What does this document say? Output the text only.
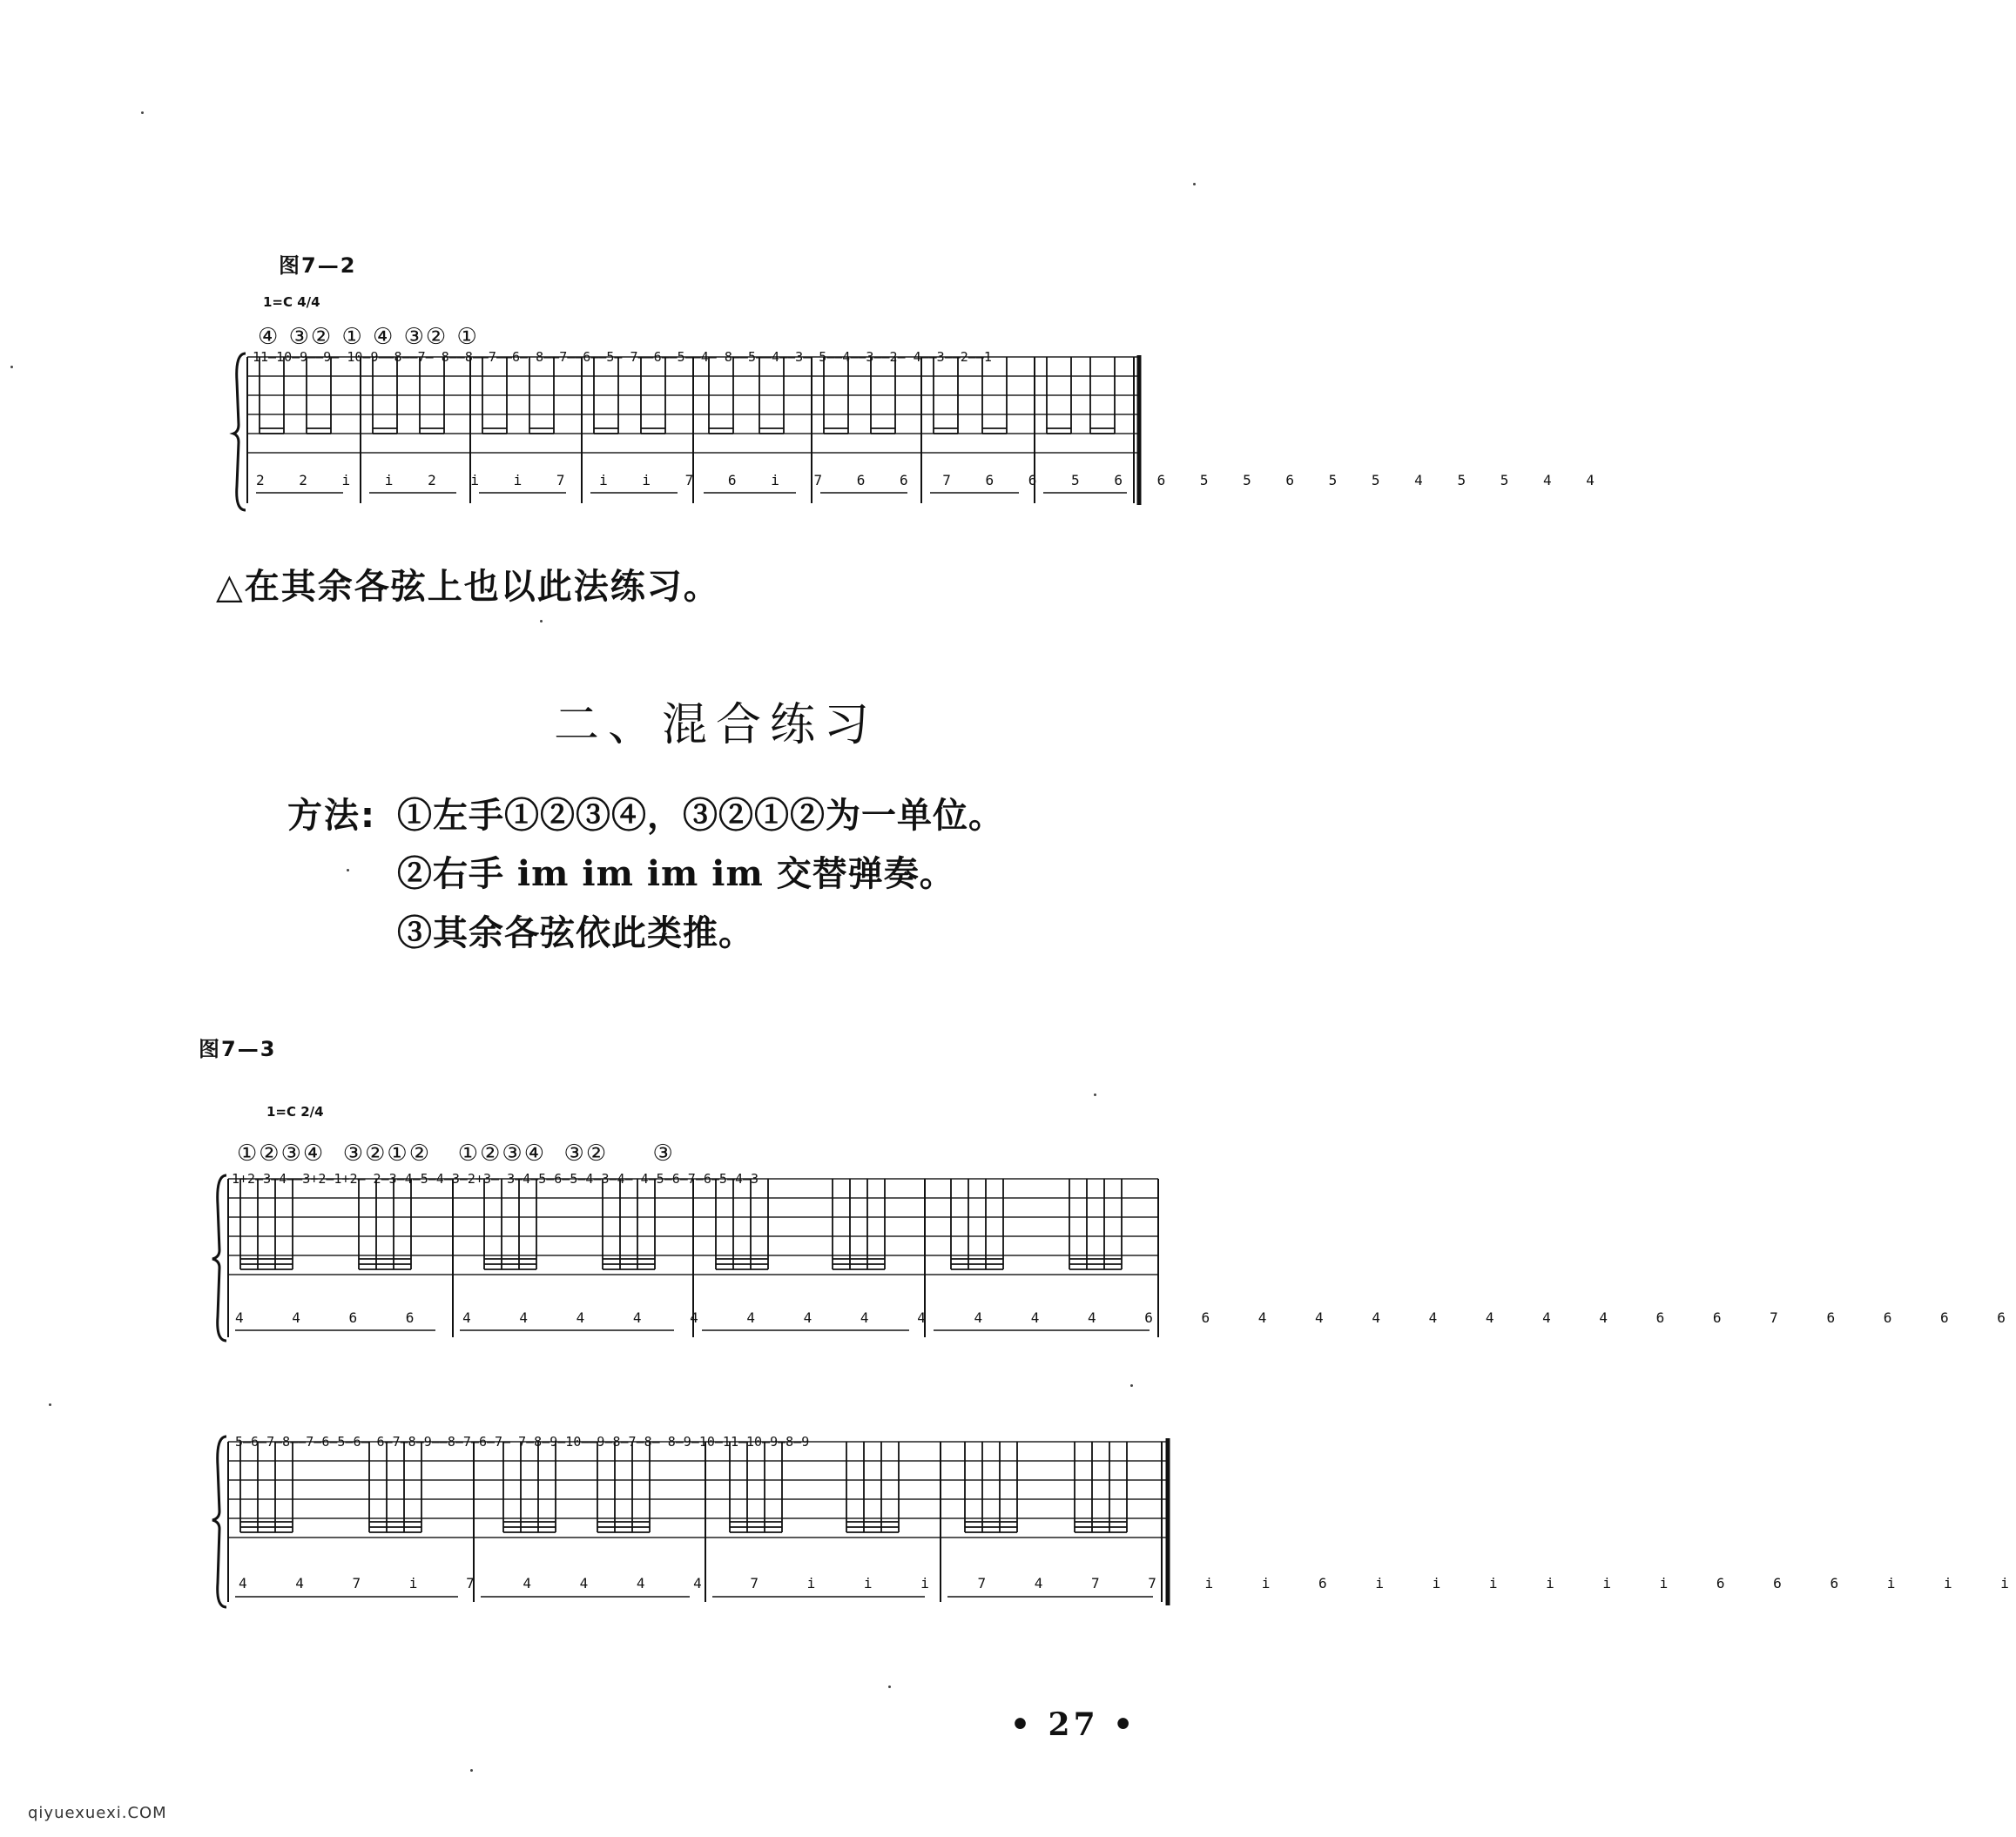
图7—2
1=C 4/4
④ ③② ① ④ ③② ①
11—10—9——9— 10—9——8——7— 8——8——7——6— 8——7——6——5— 7——6——5——4— 8——5——4——3— 5——4——3——2— 4——3——2——1
2 2 i i 2 i i 7 i i 7 6 i 7 6 6 7 6 6 5 6 6 5 5 6 5 5 4 5 5 4 4
△在其余各弦上也以此法练习。
二、混合练习
方法: ①左手①②③④，③②①②为一单位。
②右手 im im im im 交替弹奏。
③其余各弦依此类推。
图7—3
1=C 2/4
①②③④  ③②①②   ①②③④  ③②     ③
1+2—3—4——3+2—1+2— 2—3—4—5—4—3—2+3— 3—4—5—6—5—4—3—4— 4—5—6—7—6—5—4—3
4 4 6 6 4 4 4 4 4 4 4 4 4 4 4 4 6 6 4 4 4 4 4 4 4 6 6 7 6 6 6 6
5—6—7—8——7—6—5—6— 6—7—8—9——8—7—6—7— 7—8—9—10——9—8—7—8— 8—9—10—11—10—9—8—9
4 4 7 i 7 4 4 4 4 7 i i i 7 4 7 7 i i 6 i i i i i i 6 6 6 i i i
• 27 •
qiyuexuexi.COM
